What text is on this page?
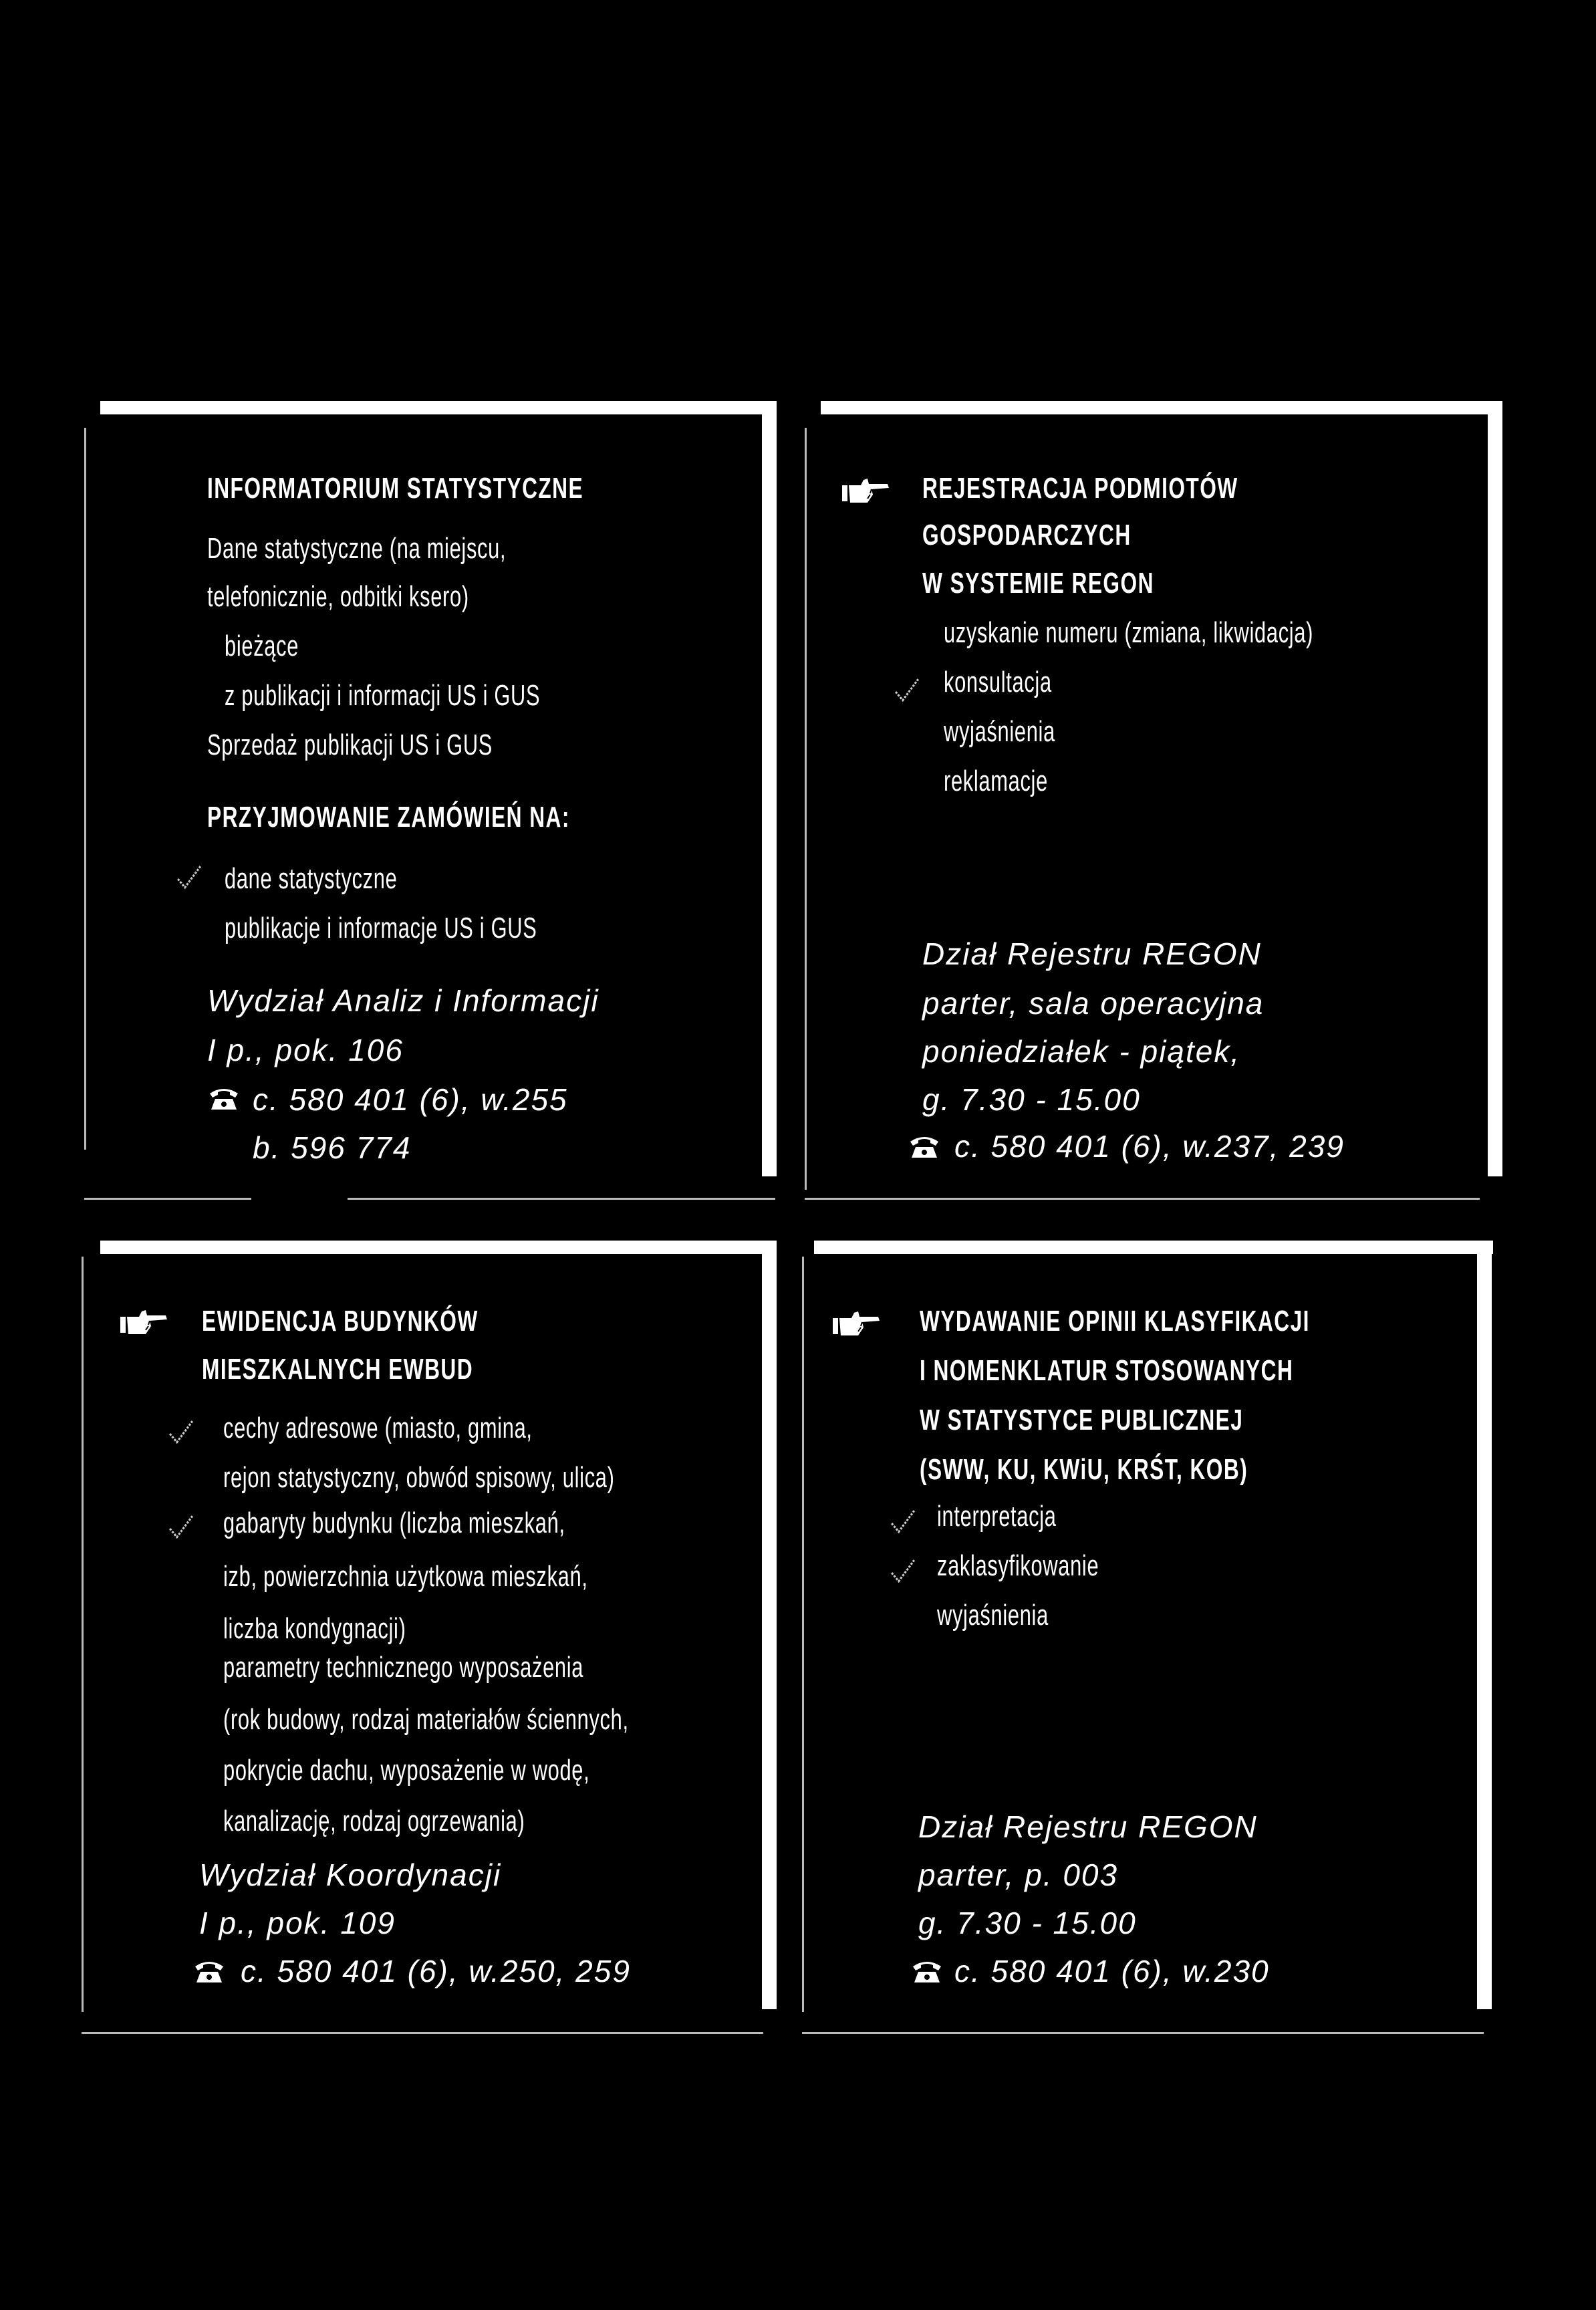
INFORMATORIUM STATYSTYCZNE
Dane statystyczne (na miejscu,
telefonicznie, odbitki ksero)
bieżące
z publikacji i informacji US i GUS
Sprzedaż publikacji US i GUS
PRZYJMOWANIE ZAMÓWIEŃ NA:
dane statystyczne
publikacje i informacje US i GUS
Wydział Analiz i Informacji
I p., pok. 106
c. 580 401 (6), w.255
b. 596 774
REJESTRACJA PODMIOTÓW
GOSPODARCZYCH
W SYSTEMIE REGON
uzyskanie numeru (zmiana, likwidacja)
konsultacja
wyjaśnienia
reklamacje
Dział Rejestru REGON
parter, sala operacyjna
poniedziałek - piątek,
g. 7.30 - 15.00
c. 580 401 (6), w.237, 239
EWIDENCJA BUDYNKÓW
MIESZKALNYCH EWBUD
cechy adresowe (miasto, gmina,
rejon statystyczny, obwód spisowy, ulica)
gabaryty budynku (liczba mieszkań,
izb, powierzchnia użytkowa mieszkań,
liczba kondygnacji)
parametry technicznego wyposażenia
(rok budowy, rodzaj materiałów ściennych,
pokrycie dachu, wyposażenie w wodę,
kanalizację, rodzaj ogrzewania)
Wydział Koordynacji
I p., pok. 109
c. 580 401 (6), w.250, 259
WYDAWANIE OPINII KLASYFIKACJI
I NOMENKLATUR STOSOWANYCH
W STATYSTYCE PUBLICZNEJ
(SWW, KU, KWiU, KRŚT, KOB)
interpretacja
zaklasyfikowanie
wyjaśnienia
Dział Rejestru REGON
parter, p. 003
g. 7.30 - 15.00
c. 580 401 (6), w.230
